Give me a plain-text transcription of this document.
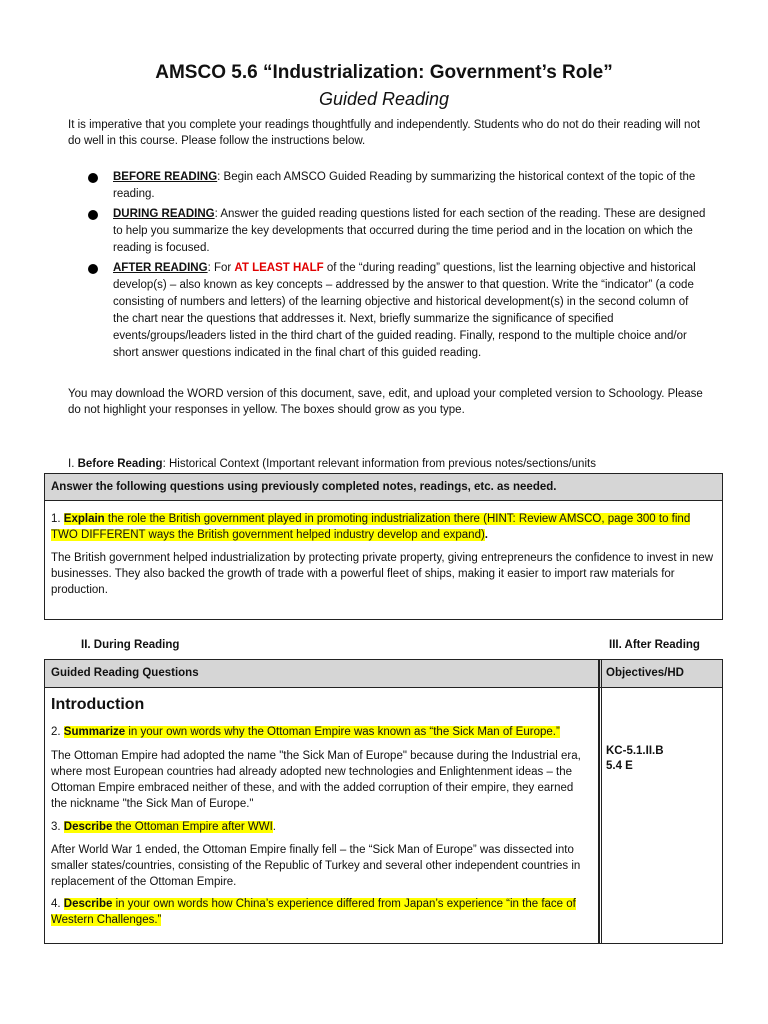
AMSCO 5.6 “Industrialization: Government’s Role”
Guided Reading
It is imperative that you complete your readings thoughtfully and independently. Students who do not do their reading will not do well in this course. Please follow the instructions below.
BEFORE READING: Begin each AMSCO Guided Reading by summarizing the historical context of the topic of the reading.
DURING READING: Answer the guided reading questions listed for each section of the reading. These are designed to help you summarize the key developments that occurred during the time period and in the location on which the reading is focused.
AFTER READING: For AT LEAST HALF of the “during reading” questions, list the learning objective and historical develop(s) – also known as key concepts – addressed by the answer to that question. Write the “indicator” (a code consisting of numbers and letters) of the learning objective and historical development(s) in the second column of the chart near the questions that addresses it. Next, briefly summarize the significance of specified events/groups/leaders listed in the third chart of the guided reading. Finally, respond to the multiple choice and/or short answer questions indicated in the final chart of this guided reading.
You may download the WORD version of this document, save, edit, and upload your completed version to Schoology. Please do not highlight your responses in yellow. The boxes should grow as you type.
I. Before Reading: Historical Context (Important relevant information from previous notes/sections/units
Answer the following questions using previously completed notes, readings, etc. as needed.
1. Explain the role the British government played in promoting industrialization there (HINT: Review AMSCO, page 300 to find TWO DIFFERENT ways the British government helped industry develop and expand).
The British government helped industrialization by protecting private property, giving entrepreneurs the confidence to invest in new businesses. They also backed the growth of trade with a powerful fleet of ships, making it easier to import raw materials for production.
II. During Reading	III. After Reading
Guided Reading Questions	Objectives/HD
Introduction
2. Summarize in your own words why the Ottoman Empire was known as “the Sick Man of Europe.”
The Ottoman Empire had adopted the name "the Sick Man of Europe" because during the Industrial era, where most European countries had already adopted new technologies and Enlightenment ideas – the Ottoman Empire embraced neither of these, and with the added corruption of their empire, they earned the nickname "the Sick Man of Europe."
3. Describe the Ottoman Empire after WWI.
After World War 1 ended, the Ottoman Empire finally fell – the “Sick Man of Europe” was dissected into smaller states/countries, consisting of the Republic of Turkey and several other independent countries in replacement of the Ottoman Empire.
4. Describe in your own words how China’s experience differed from Japan’s experience “in the face of Western Challenges.”
KC-5.1.II.B
5.4 E
